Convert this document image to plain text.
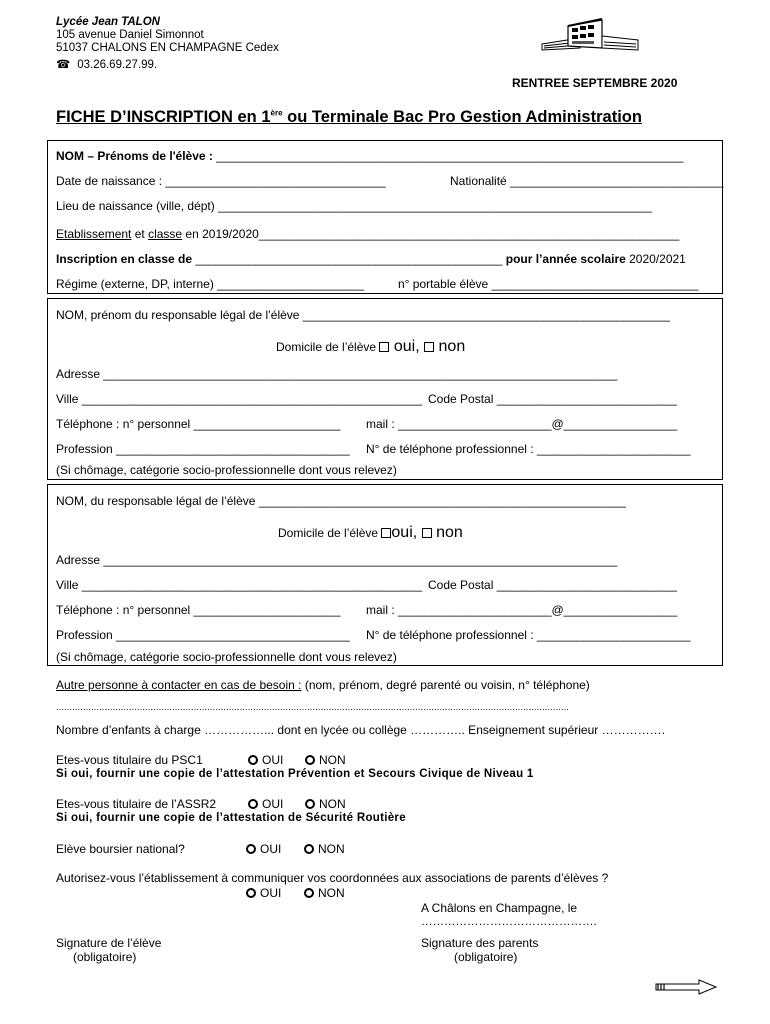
Lycée Jean TALON
105 avenue Daniel Simonnot
51037 CHALONS EN CHAMPAGNE Cedex
☎ 03.26.69.27.99.
RENTREE SEPTEMBRE 2020
FICHE D’INSCRIPTION en 1ère ou Terminale Bac Pro Gestion Administration
NOM – Prénoms de l'élève : ______________________________________________________________________
Date de naissance : _________________________________	Nationalité ________________________________
Lieu de naissance (ville, dépt) _________________________________________________________________
Etablissement et classe en 2019/2020_______________________________________________________________
Inscription en classe de ______________________________________________ pour l’année scolaire 2020/2021
Régime (externe, DP, interne) ______________________	n° portable élève _______________________________
NOM, prénom du responsable légal de l’élève _______________________________________________________
Domicile de l’élève  oui,  non
Adresse _____________________________________________________________________________
Ville ___________________________________________________ Code Postal ___________________________
Téléphone : n° personnel ______________________ mail : _______________________@_________________
Profession ___________________________________ N° de téléphone professionnel : _______________________
(Si chômage, catégorie socio-professionnelle dont vous relevez)
NOM, du responsable légal de l’élève _______________________________________________________
Domicile de l’élève oui,  non
Adresse _____________________________________________________________________________
Ville ___________________________________________________ Code Postal ___________________________
Téléphone : n° personnel ______________________ mail : _______________________@_________________
Profession ___________________________________ N° de téléphone professionnel : _______________________
(Si chômage, catégorie socio-professionnelle dont vous relevez)
Autre personne à contacter en cas de besoin : (nom, prénom, degré parenté ou voisin, n° téléphone)
..............................................................................................................................................................................................
Nombre d’enfants à charge ……………... dont en lycée ou collège ………….. Enseignement supérieur …………….
Etes-vous titulaire du PSC1	OUI	NON
Si oui, fournir une copie de l’attestation Prévention et Secours Civique de Niveau 1
Etes-vous titulaire de l’ASSR2	OUI	NON
Si oui, fournir une copie de l’attestation de Sécurité Routière
Elève boursier national?	OUI	NON
Autorisez-vous l’établissement à communiquer vos coordonnées aux associations de parents d’élèves ?
OUI	NON
A Châlons en Champagne, le
……………………………………….
Signature de l’élève
(obligatoire)
Signature des parents
(obligatoire)
